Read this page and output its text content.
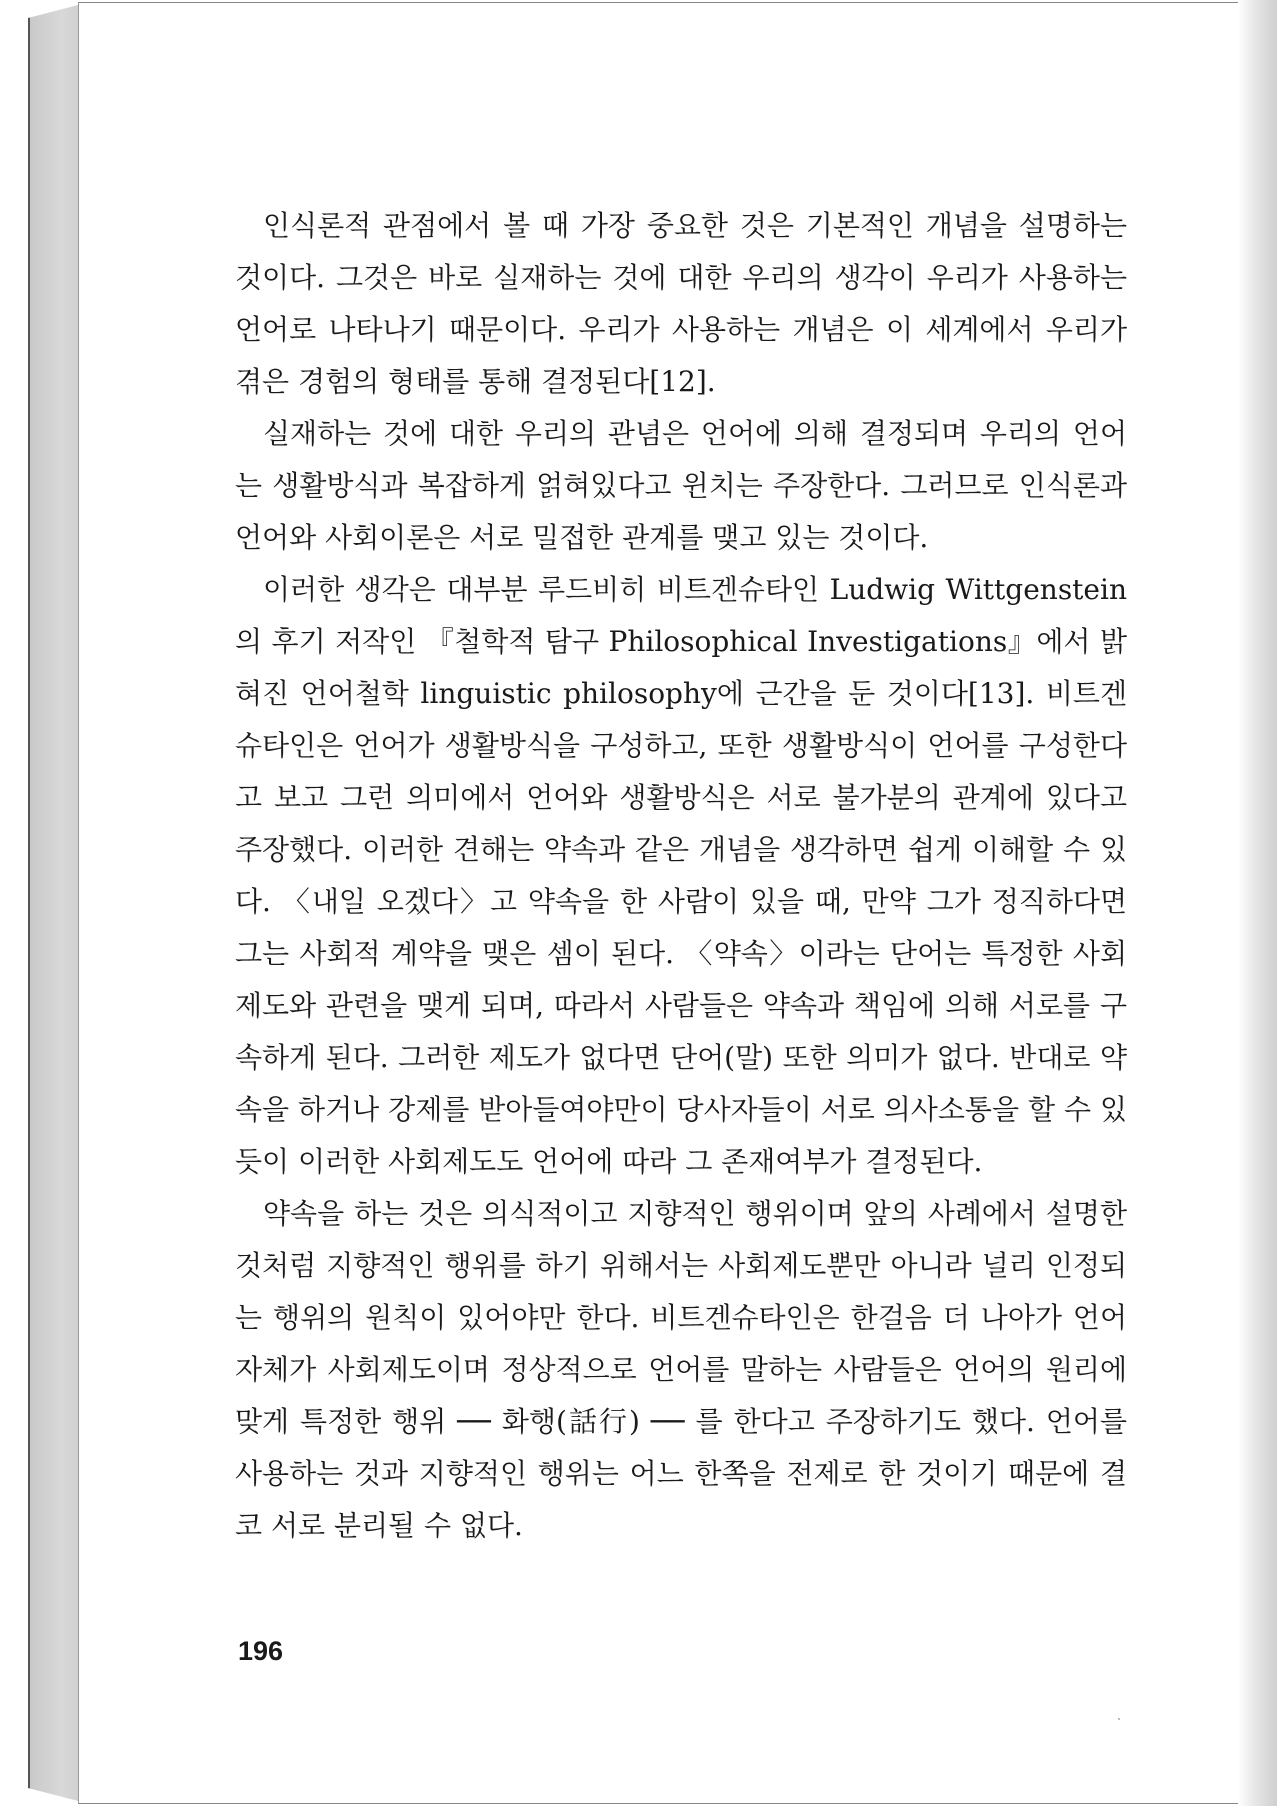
인식론적 관점에서 볼 때 가장 중요한 것은 기본적인 개념을 설명하는 것이다. 그것은 바로 실재하는 것에 대한 우리의 생각이 우리가 사용하는 언어로 나타나기 때문이다. 우리가 사용하는 개념은 이 세계에서 우리가 겪은 경험의 형태를 통해 결정된다[12].

실재하는 것에 대한 우리의 관념은 언어에 의해 결정되며 우리의 언어는 생활방식과 복잡하게 얽혀있다고 윈치는 주장한다. 그러므로 인식론과 언어와 사회이론은 서로 밀접한 관계를 맺고 있는 것이다.

이러한 생각은 대부분 루드비히 비트겐슈타인 Ludwig Wittgenstein의 후기 저작인 『철학적 탐구 Philosophical Investigations』에서 밝혀진 언어철학 linguistic philosophy에 근간을 둔 것이다[13]. 비트겐슈타인은 언어가 생활방식을 구성하고, 또한 생활방식이 언어를 구성한다고 보고 그런 의미에서 언어와 생활방식은 서로 불가분의 관계에 있다고 주장했다. 이러한 견해는 약속과 같은 개념을 생각하면 쉽게 이해할 수 있다. 〈내일 오겠다〉고 약속을 한 사람이 있을 때, 만약 그가 정직하다면 그는 사회적 계약을 맺은 셈이 된다. 〈약속〉이라는 단어는 특정한 사회제도와 관련을 맺게 되며, 따라서 사람들은 약속과 책임에 의해 서로를 구속하게 된다. 그러한 제도가 없다면 단어(말) 또한 의미가 없다. 반대로 약속을 하거나 강제를 받아들여야만이 당사자들이 서로 의사소통을 할 수 있듯이 이러한 사회제도도 언어에 따라 그 존재여부가 결정된다.

약속을 하는 것은 의식적이고 지향적인 행위이며 앞의 사례에서 설명한 것처럼 지향적인 행위를 하기 위해서는 사회제도뿐만 아니라 널리 인정되는 행위의 원칙이 있어야만 한다. 비트겐슈타인은 한걸음 더 나아가 언어 자체가 사회제도이며 정상적으로 언어를 말하는 사람들은 언어의 원리에 맞게 특정한 행위 ── 화행(話行) ── 를 한다고 주장하기도 했다. 언어를 사용하는 것과 지향적인 행위는 어느 한쪽을 전제로 한 것이기 때문에 결코 서로 분리될 수 없다.

196
